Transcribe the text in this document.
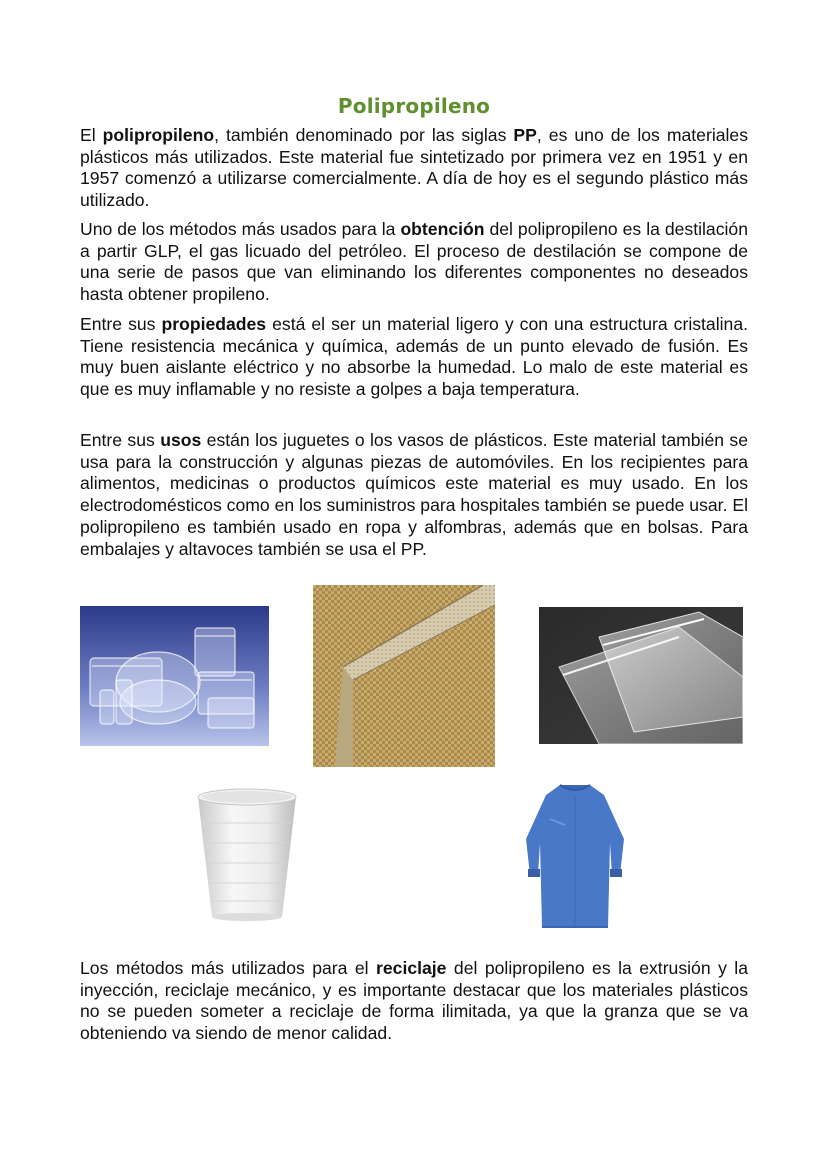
Polipropileno

El polipropileno, también denominado por las siglas PP, es uno de los materiales plásticos más utilizados. Este material fue sintetizado por primera vez en 1951 y en 1957 comenzó a utilizarse comercialmente. A día de hoy es el segundo plástico más utilizado.

Uno de los métodos más usados para la obtención del polipropileno es la destilación a partir GLP, el gas licuado del petróleo. El proceso de destilación se compone de una serie de pasos que van eliminando los diferentes componentes no deseados hasta obtener propileno.

Entre sus propiedades está el ser un material ligero y con una estructura cristalina. Tiene resistencia mecánica y química, además de un punto elevado de fusión. Es muy buen aislante eléctrico y no absorbe la humedad. Lo malo de este material es que es muy inflamable y no resiste a golpes a baja temperatura.

Entre sus usos están los juguetes o los vasos de plásticos. Este material también se usa para la construcción y algunas piezas de automóviles. En los recipientes para alimentos, medicinas o productos químicos este material es muy usado. En los electrodomésticos como en los suministros para hospitales también se puede usar. El polipropileno es también usado en ropa y alfombras, además que en bolsas. Para embalajes y altavoces también se usa el PP.

Los métodos más utilizados para el reciclaje del polipropileno es la extrusión y la inyección, reciclaje mecánico, y es importante destacar que los materiales plásticos no se pueden someter a reciclaje de forma ilimitada, ya que la granza que se va obteniendo va siendo de menor calidad.
